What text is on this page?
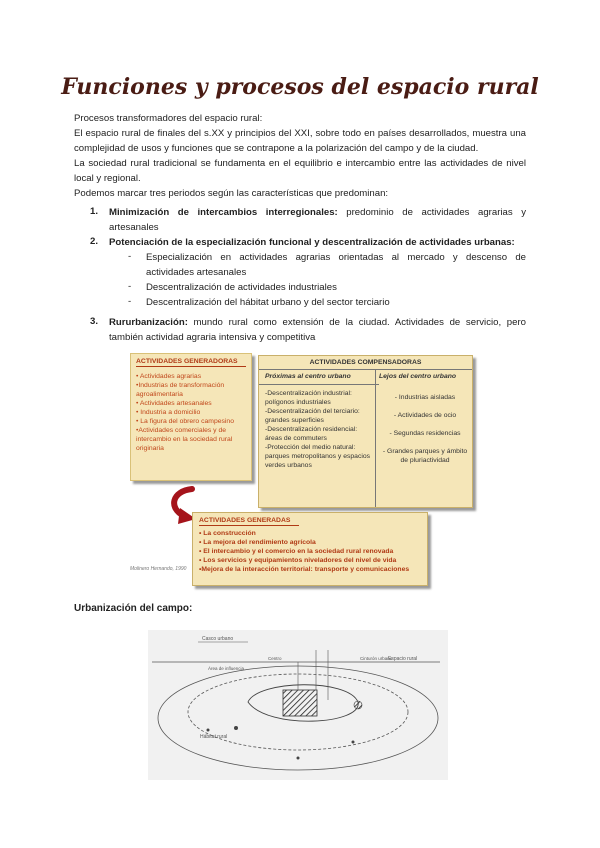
Funciones y procesos del espacio rural
Procesos transformadores del espacio rural:
El espacio rural de finales del s.XX y principios del XXI, sobre todo en países desarrollados, muestra una complejidad de usos y funciones que se contrapone a la polarización del campo y de la ciudad.
La sociedad rural tradicional se fundamenta en el equilibrio e intercambio entre las actividades de nivel local y regional.
Podemos marcar tres periodos según las características que predominan:
1. Minimización de intercambios interregionales: predominio de actividades agrarias y artesanales
2. Potenciación de la especialización funcional y descentralización de actividades urbanas:
- Especialización en actividades agrarias orientadas al mercado y descenso de actividades artesanales
- Descentralización de actividades industriales
- Descentralización del hábitat urbano y del sector terciario
3. Rururbanización: mundo rural como extensión de la ciudad. Actividades de servicio, pero también actividad agraria intensiva y competitiva
ACTIVIDADES GENERADORAS
• Actividades agrarias
•Industrias de transformación agroalimentaria
• Actividades artesanales
• Industria a domicilio
• La figura del obrero campesino
•Actividades comerciales y de intercambio en la sociedad rural originaria
ACTIVIDADES COMPENSADORAS
Próximas al centro urbano
-Descentralización industrial: polígonos industriales
-Descentralización del terciario: grandes superficies
-Descentralización residencial: áreas de commuters
-Protección del medio natural: parques metropolitanos y espacios verdes urbanos
Lejos del centro urbano
- Industrias aisladas
- Actividades de ocio
- Segundas residencias
- Grandes parques y ámbito de pluriactividad
ACTIVIDADES GENERADAS
• La construcción
• La mejora del rendimiento agrícola
• El intercambio y el comercio en la sociedad rural renovada
• Los servicios y equipamientos niveladores del nivel de vida
•Mejora de la interacción territorial: transporte y comunicaciones
Molinero Hernando, 1990
Urbanización del campo:
Casco urbano
Espacio rural
Centro	Cinturón urbano
Área de influencia
Hábitat rural
